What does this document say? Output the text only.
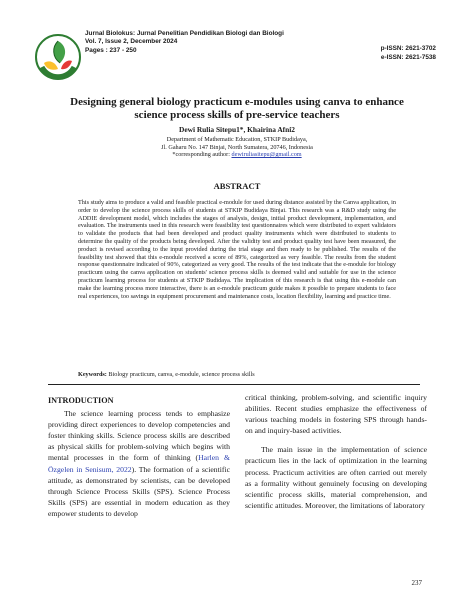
Jurnal Biolokus: Jurnal Penelitian Pendidikan Biologi dan Biologi
Vol. 7, Issue 2, December 2024
Pages : 237 - 250	p-ISSN: 2621-3702
e-ISSN: 2621-7538
Designing general biology practicum e-modules using canva to enhance
science process skills of pre-service teachers
Dewi Rulia Sitepu1*, Khairina Afni2
Department of Mathematic Education, STKIP Budidaya,
Jl. Gaharu No. 147 Binjai, North Sumatera, 20746, Indonesia
*corresponding author: dewiruliasitepu@gmail.com
ABSTRACT
This study aims to produce a valid and feasible practical e-module for used during distance assisted by the Canva application, in order to develop the science process skills of students at STKIP Budidaya Binjai. This research was a R&D study using the ADDIE development model, which includes the stages of analysis, design, initial product development, implementation, and evaluation. The instruments used in this research were feasibility test questionnaires which were distributed to expert validators to validate the products that had been developed and product quality instruments which were distributed to students to determine the quality of the products being developed. After the validity test and product quality test have been measured, the product is revised according to the input provided during the trial stage and then ready to be published. The results of the feasibility test showed that this e-module received a score of 89%, categorized as very feasible. The results from the student response questionnaire indicated of 90%, categorized as very good. The results of the test indicate that the e-module for biology practicum using the canva application on students' science process skills is deemed valid and suitable for use in the science practicum learning process for students at STKIP Budidaya. The implication of this research is that using this e-module can make the learning process more interactive, there is an e-module practicum guide makes it possible to prepare students to face real experiences, too savings in equipment procurement and maintenance costs, location flexibility, learning and practice time.
Keywords: Biology practicum, canva, e-module, science process skills
INTRODUCTION

The science learning process tends to emphasize providing direct experiences to develop competencies and foster thinking skills. Science process skills are described as physical skills for problem-solving which begins with mental processes in the form of thinking (Harlen & Özgelen in Senisum, 2022). The formation of a scientific attitude, as demonstrated by scientists, can be developed through Science Process Skills (SPS). Science Process Skills (SPS) are essential in modern education as they empower students to develop

critical thinking, problem-solving, and scientific inquiry abilities. Recent studies emphasize the effectiveness of various teaching models in fostering SPS through hands-on and inquiry-based activities.

The main issue in the implementation of science practicum lies in the lack of optimization in the learning process. Practicum activities are often carried out merely as a formality without genuinely focusing on developing scientific process skills, material comprehension, and scientific attitudes. Moreover, the limitations of laboratory

237
